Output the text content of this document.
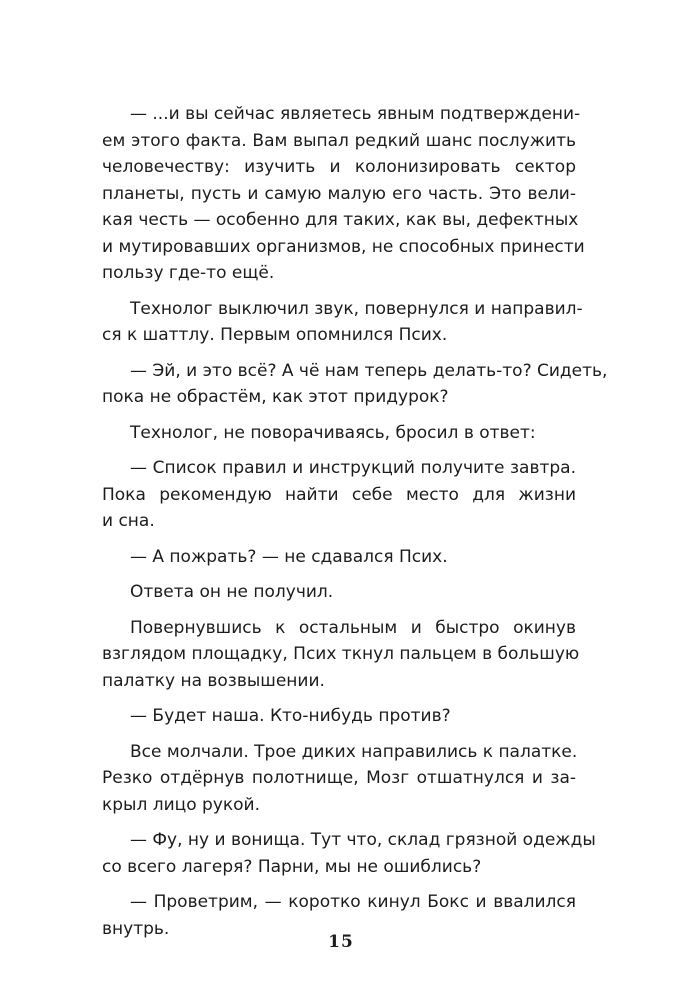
— ...и вы сейчас являетесь явным подтверждени-
ем этого факта. Вам выпал редкий шанс послужить
человечеству: изучить и колонизировать сектор
планеты, пусть и самую малую его часть. Это вели-
кая честь — особенно для таких, как вы, дефектных
и мутировавших организмов, не способных принести
пользу где-то ещё.
Технолог выключил звук, повернулся и направил-
ся к шаттлу. Первым опомнился Псих.
— Эй, и это всё? А чё нам теперь делать-то? Сидеть,
пока не обрастём, как этот придурок?
Технолог, не поворачиваясь, бросил в ответ:
— Список правил и инструкций получите завтра.
Пока рекомендую найти себе место для жизни
и сна.
— А пожрать? — не сдавался Псих.
Ответа он не получил.
Повернувшись к остальным и быстро окинув
взглядом площадку, Псих ткнул пальцем в большую
палатку на возвышении.
— Будет наша. Кто-нибудь против?
Все молчали. Трое диких направились к палатке.
Резко отдёрнув полотнище, Мозг отшатнулся и за-
крыл лицо рукой.
— Фу, ну и вонища. Тут что, склад грязной одежды
со всего лагеря? Парни, мы не ошиблись?
— Проветрим, — коротко кинул Бокс и ввалился
внутрь.
15
